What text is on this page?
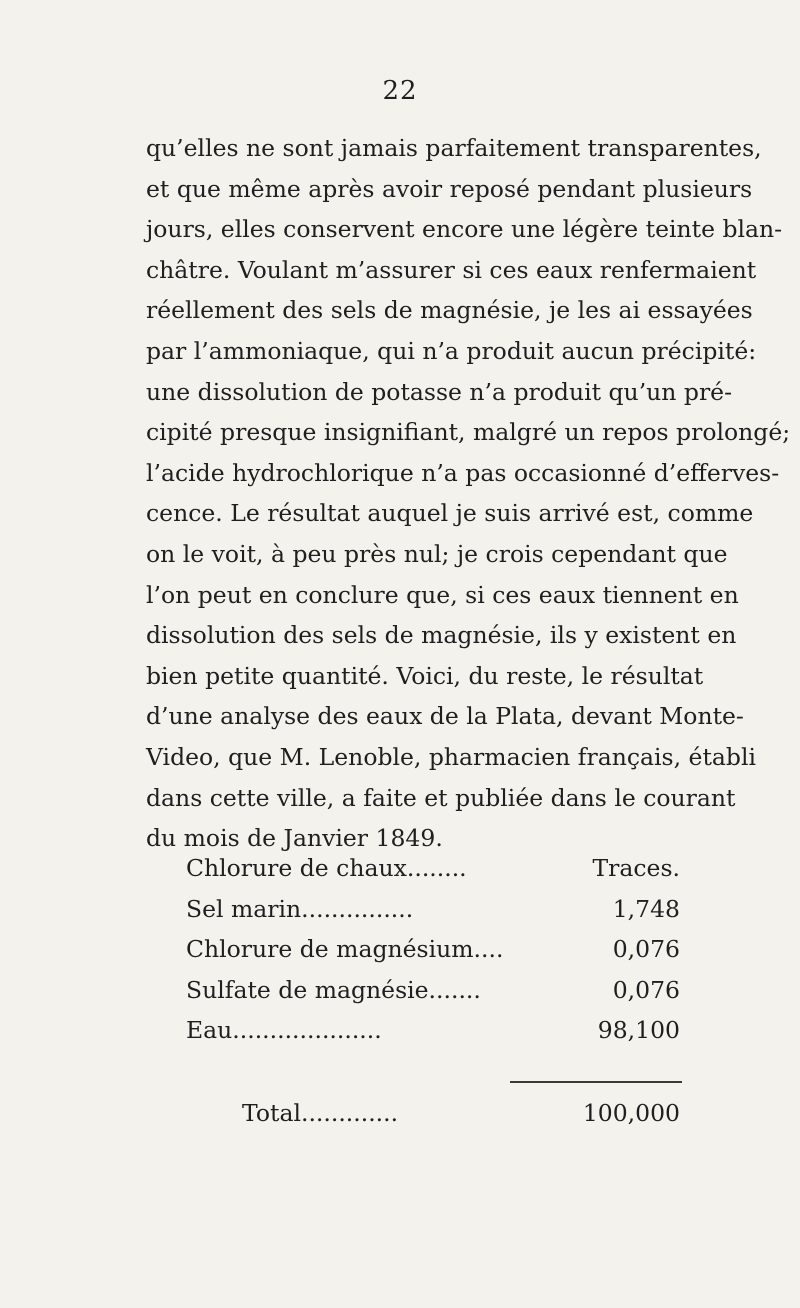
22
qu’elles ne sont jamais parfaitement transparentes,
et que même après avoir reposé pendant plusieurs
jours, elles conservent encore une légère teinte blan-
châtre. Voulant m’assurer si ces eaux renfermaient
réellement des sels de magnésie, je les ai essayées
par l’ammoniaque, qui n’a produit aucun précipité:
une dissolution de potasse n’a produit qu’un pré-
cipité presque insignifiant, malgré un repos prolongé;
l’acide hydrochlorique n’a pas occasionné d’efferves-
cence. Le résultat auquel je suis arrivé est, comme
on le voit, à peu près nul; je crois cependant que
l’on peut en conclure que, si ces eaux tiennent en
dissolution des sels de magnésie, ils y existent en
bien petite quantité. Voici, du reste, le résultat
d’une analyse des eaux de la Plata, devant Monte-
Video, que M. Lenoble, pharmacien français, établi
dans cette ville, a faite et publiée dans le courant
du mois de Janvier 1849.
Chlorure de chaux........	Traces.
Sel marin...............	1,748
Chlorure de magnésium....	0,076
Sulfate de magnésie.......	0,076
Eau....................	98,100
Total.............	100,000
